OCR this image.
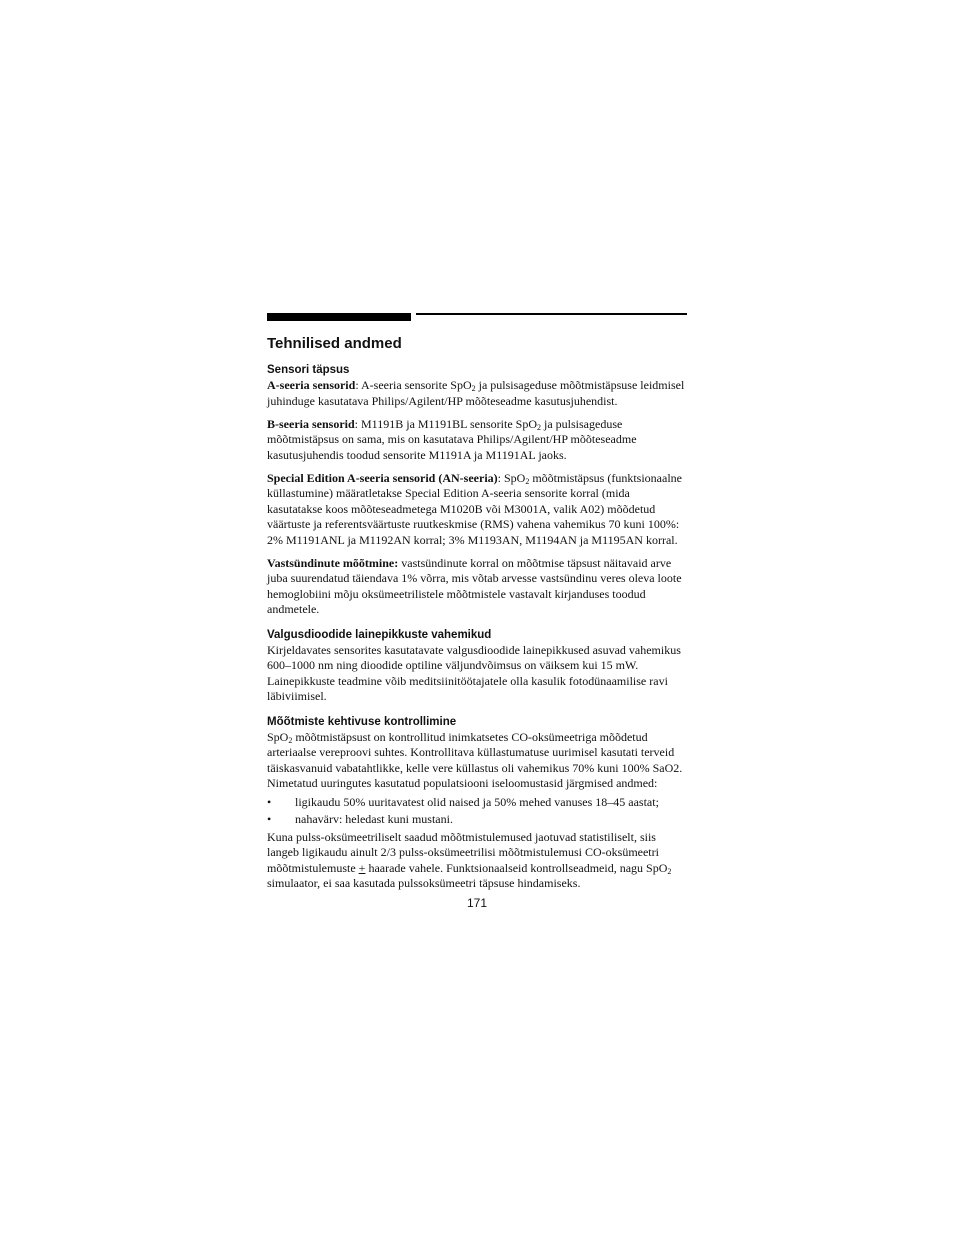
Tehnilised andmed
Sensori täpsus

A-seeria sensorid: A-seeria sensorite SpO$_2$ ja pulsisageduse mõõtmistäpsuse leidmisel juhinduge kasutatava Philips/Agilent/HP mõõteseadme kasutusjuhendist.

B-seeria sensorid: M1191B ja M1191BL sensorite SpO$_2$ ja pulsisageduse mõõtmistäpsus on sama, mis on kasutatava Philips/Agilent/HP mõõteseadme kasutusjuhendis toodud sensorite M1191A ja M1191AL jaoks.

Special Edition A-seeria sensorid (AN-seeria): SpO$_2$ mõõtmistäpsus (funktsionaalne küllastumine) määratletakse Special Edition A-seeria sensorite korral (mida kasutatakse koos mõõteseadmetega M1020B või M3001A, valik A02) mõõdetud väärtuste ja referentsväärtuste ruutkeskmise (RMS) vahena vahemikus 70 kuni 100%: 2% M1191ANL ja M1192AN korral; 3% M1193AN, M1194AN ja M1195AN korral.

Vastsündinute mõõtmine: vastsündinute korral on mõõtmise täpsust näitavaid arve juba suurendatud täiendava 1% võrra, mis võtab arvesse vastsündinu veres oleva loote hemoglobiini mõju oksümeetrilistele mõõtmistele vastavalt kirjanduses toodud andmetele.

Valgusdioodide lainepikkuste vahemikud

Kirjeldavates sensorites kasutatavate valgusdioodide lainepikkused asuvad vahemikus 600–1000 nm ning dioodide optiline väljundvõimsus on väiksem kui 15 mW. Lainepikkuste teadmine võib meditsiinitöötajatele olla kasulik fotodünaamilise ravi läbiviimisel.

Mõõtmiste kehtivuse kontrollimine

SpO$_2$ mõõtmistäpsust on kontrollitud inimkatsetes CO-oksümeetriga mõõdetud arteriaalse vereproovi suhtes. Kontrollitava küllastumatuse uurimisel kasutati terveid täiskasvanuid vabatahtlikke, kelle vere küllastus oli vahemikus 70% kuni 100% SaO2. Nimetatud uuringutes kasutatud populatsiooni iseloomustasid järgmised andmed:

• ligikaudu 50% uuritavatest olid naised ja 50% mehed vanuses 18–45 aastat;
• nahavärv: heledast kuni mustani.

Kuna pulss-oksümeetriliselt saadud mõõtmistulemused jaotuvad statistiliselt, siis langeb ligikaudu ainult 2/3 pulss-oksümeetrilisi mõõtmistulemusi CO-oksümeetri mõõtmistulemuste + haarade vahele. Funktsionaalseid kontrollseadmeid, nagu SpO$_2$ simulaator, ei saa kasutada pulssoksümeetri täpsuse hindamiseks.

171
